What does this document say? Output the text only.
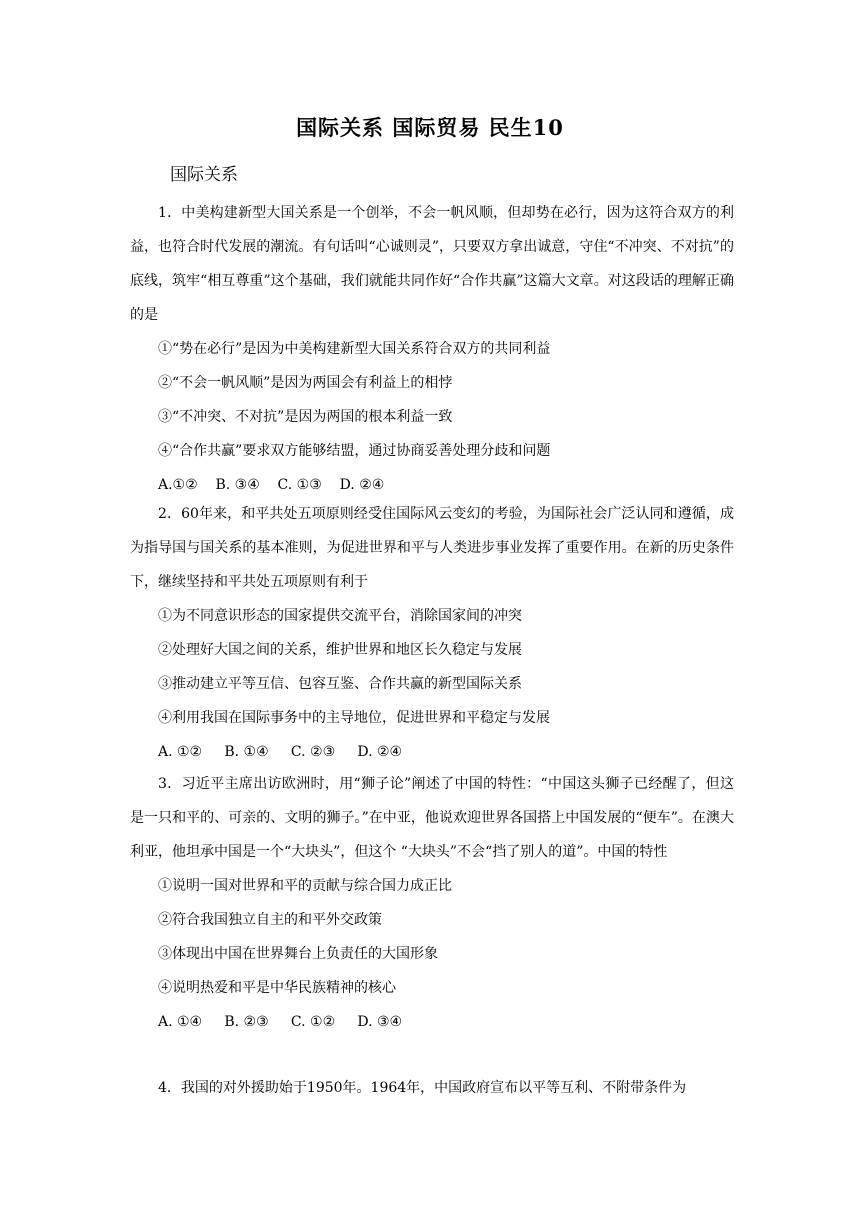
国际关系 国际贸易 民生10
国际关系

1．中美构建新型大国关系是一个创举，不会一帆风顺，但却势在必行，因为这符合双方的利益，也符合时代发展的潮流。有句话叫“心诚则灵”，只要双方拿出诚意，守住“不冲突、不对抗”的底线，筑牢“相互尊重”这个基础，我们就能共同作好“合作共赢”这篇大文章。对这段话的理解正确的是

①“势在必行”是因为中美构建新型大国关系符合双方的共同利益

②“不会一帆风顺”是因为两国会有利益上的相悖

③“不冲突、不对抗”是因为两国的根本利益一致

④“合作共赢”要求双方能够结盟，通过协商妥善处理分歧和问题

A.①②    B. ③④    C. ①③    D. ②④

2．60年来，和平共处五项原则经受住国际风云变幻的考验，为国际社会广泛认同和遵循，成为指导国与国关系的基本准则，为促进世界和平与人类进步事业发挥了重要作用。在新的历史条件下，继续坚持和平共处五项原则有利于

①为不同意识形态的国家提供交流平台，消除国家间的冲突

②处理好大国之间的关系，维护世界和地区长久稳定与发展

③推动建立平等互信、包容互鉴、合作共赢的新型国际关系

④利用我国在国际事务中的主导地位，促进世界和平稳定与发展

A. ①②     B. ①④     C. ②③     D. ②④

3．习近平主席出访欧洲时，用“狮子论”阐述了中国的特性：“中国这头狮子已经醒了，但这是一只和平的、可亲的、文明的狮子。”在中亚，他说欢迎世界各国搭上中国发展的“便车”。在澳大利亚，他坦承中国是一个“大块头”，但这个 “大块头”不会“挡了别人的道”。中国的特性

①说明一国对世界和平的贡献与综合国力成正比

②符合我国独立自主的和平外交政策

③体现出中国在世界舞台上负责任的大国形象

④说明热爱和平是中华民族精神的核心

A. ①④     B. ②③     C. ①②     D. ③④

4．我国的对外援助始于1950年。1964年，中国政府宣布以平等互利、不附带条件为
